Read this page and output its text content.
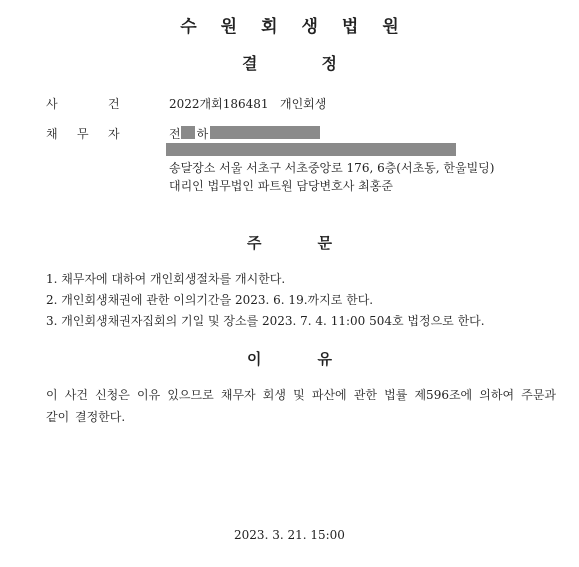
수원회생법원
결정
사	건	2022개회186481 개인회생
채 무 자	전 하
송달장소 서울 서초구 서초중앙로 176, 6층(서초동, 한울빌딩)
대리인 법무법인 파트원 담당변호사 최홍준
주문
1. 채무자에 대하여 개인회생절차를 개시한다.
2. 개인회생채권에 관한 이의기간을 2023. 6. 19.까지로 한다.
3. 개인회생채권자집회의 기일 및 장소를 2023. 7. 4. 11:00 504호 법정으로 한다.
이유
이 사건 신청은 이유 있으므로 채무자 회생 및 파산에 관한 법률 제596조에 의하여 주문과 같이 결정한다.
2023. 3. 21. 15:00
